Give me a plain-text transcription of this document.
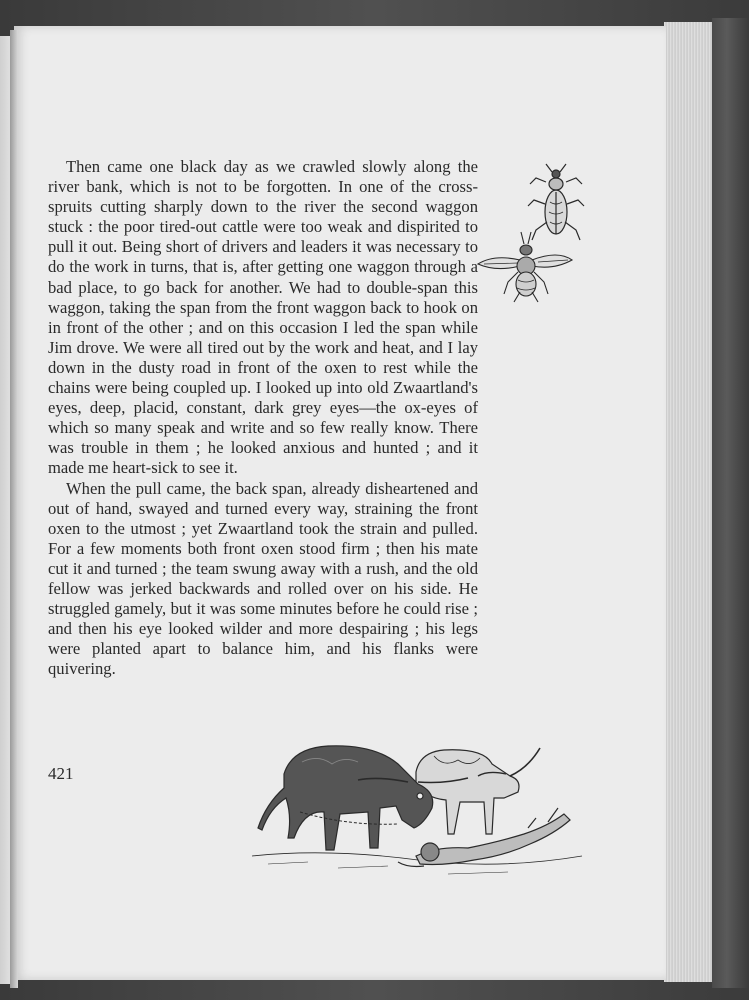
Then came one black day as we crawled slowly along the river bank, which is not to be forgotten. In one of the cross-spruits cutting sharply down to the river the second waggon stuck : the poor tired-out cattle were too weak and dispirited to pull it out. Being short of drivers and leaders it was necessary to do the work in turns, that is, after getting one waggon through a bad place, to go back for another. We had to double-span this waggon, taking the span from the front waggon back to hook on in front of the other ; and on this occasion I led the span while Jim drove. We were all tired out by the work and heat, and I lay down in the dusty road in front of the oxen to rest while the chains were being coupled up. I looked up into old Zwaartland's eyes, deep, placid, constant, dark grey eyes—the ox-eyes of which so many speak and write and so few really know. There was trouble in them ; he looked anxious and hunted ; and it made me heart-sick to see it.

When the pull came, the back span, already disheartened and out of hand, swayed and turned every way, straining the front oxen to the utmost ; yet Zwaartland took the strain and pulled. For a few moments both front oxen stood firm ; then his mate cut it and turned ; the team swung away with a rush, and the old fellow was jerked backwards and rolled over on his side. He struggled gamely, but it was some minutes before he could rise ; and then his eye looked wilder and more despairing ; his legs were planted apart to balance him, and his flanks were quivering.

421
